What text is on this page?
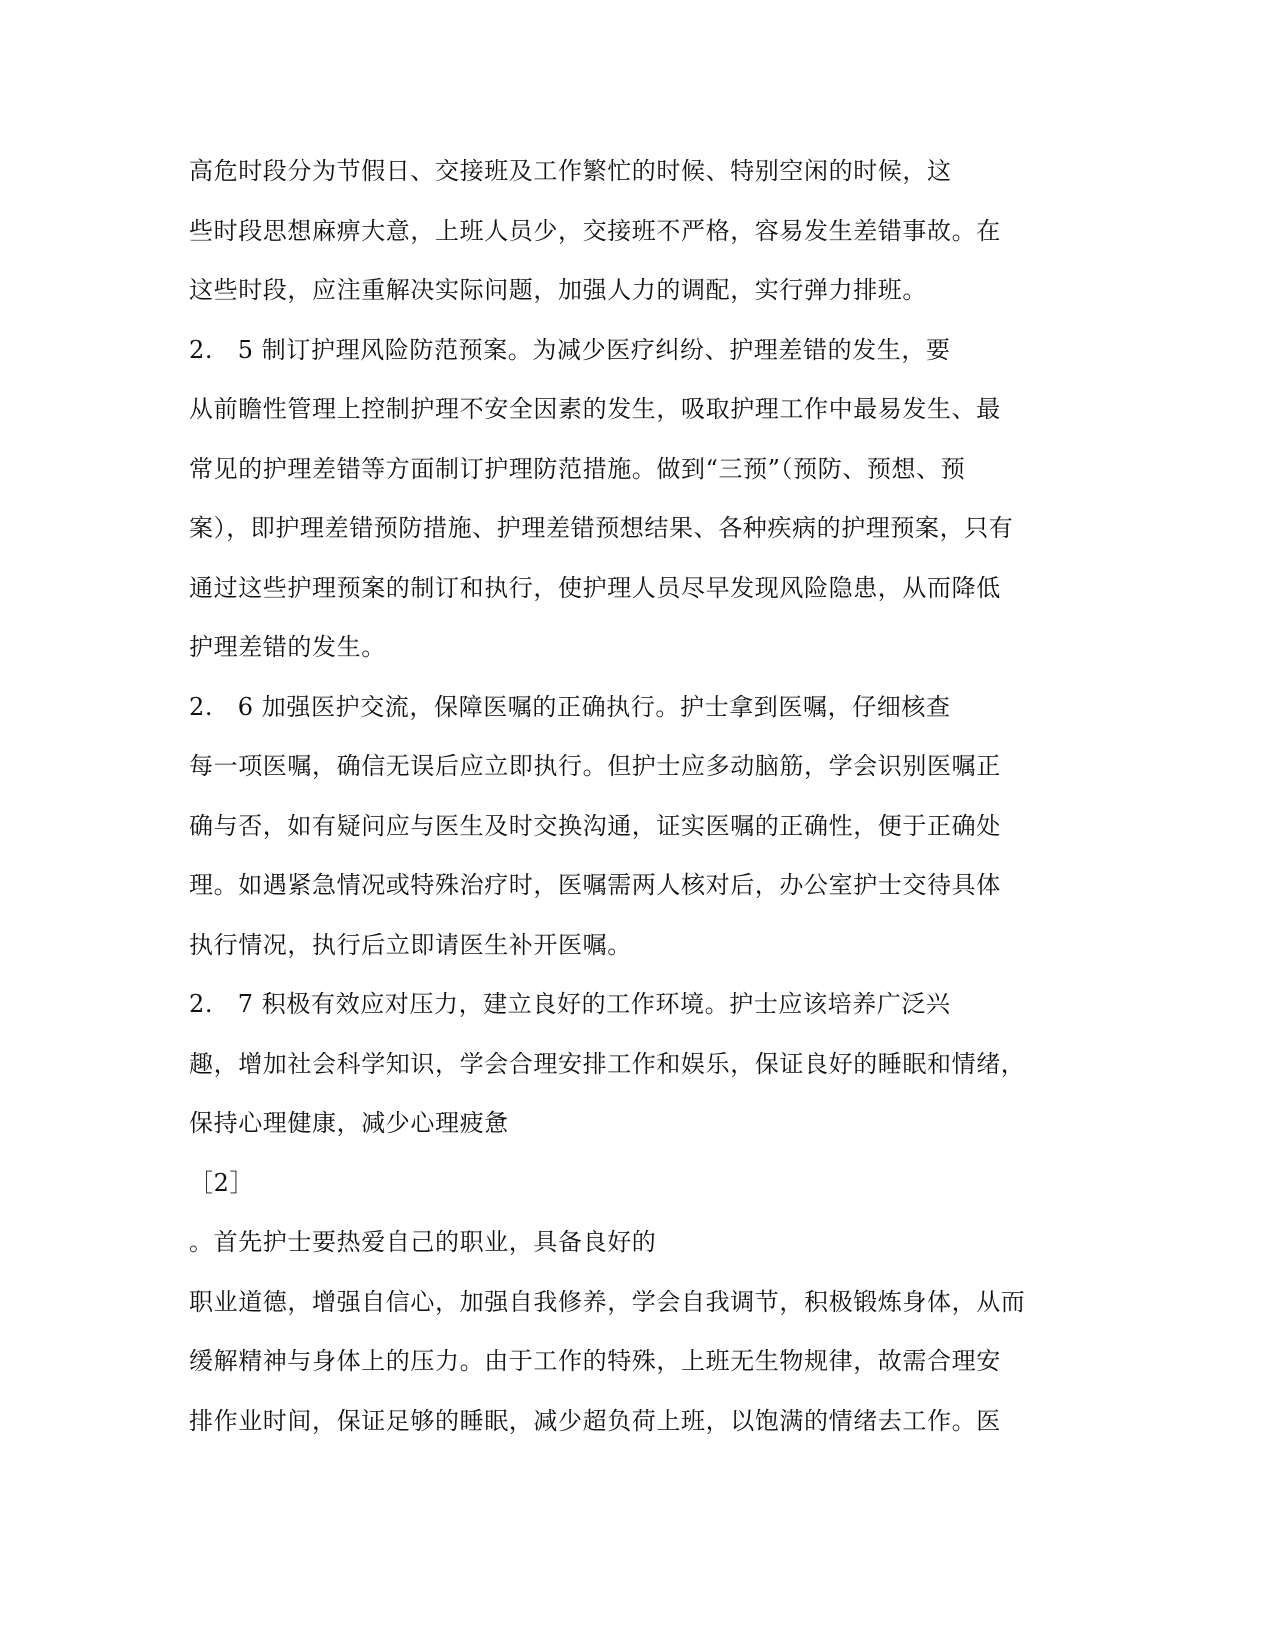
高危时段分为节假日、交接班及工作繁忙的时候、特别空闲的时候，这
些时段思想麻痹大意，上班人员少，交接班不严格，容易发生差错事故。在
这些时段，应注重解决实际问题，加强人力的调配，实行弹力排班。
2.　5 制订护理风险防范预案。为减少医疗纠纷、护理差错的发生，要
从前瞻性管理上控制护理不安全因素的发生，吸取护理工作中最易发生、最
常见的护理差错等方面制订护理防范措施。做到“三预”（预防、预想、预
案），即护理差错预防措施、护理差错预想结果、各种疾病的护理预案，只有
通过这些护理预案的制订和执行，使护理人员尽早发现风险隐患，从而降低
护理差错的发生。
2.　6 加强医护交流，保障医嘱的正确执行。护士拿到医嘱，仔细核查
每一项医嘱，确信无误后应立即执行。但护士应多动脑筋，学会识别医嘱正
确与否，如有疑问应与医生及时交换沟通，证实医嘱的正确性，便于正确处
理。如遇紧急情况或特殊治疗时，医嘱需两人核对后，办公室护士交待具体
执行情况，执行后立即请医生补开医嘱。
2.　7 积极有效应对压力，建立良好的工作环境。护士应该培养广泛兴
趣，增加社会科学知识，学会合理安排工作和娱乐，保证良好的睡眠和情绪，
保持心理健康，减少心理疲惫
［2］
。首先护士要热爱自己的职业，具备良好的
职业道德，增强自信心，加强自我修养，学会自我调节，积极锻炼身体，从而
缓解精神与身体上的压力。由于工作的特殊，上班无生物规律，故需合理安
排作业时间，保证足够的睡眠，减少超负荷上班，以饱满的情绪去工作。医
